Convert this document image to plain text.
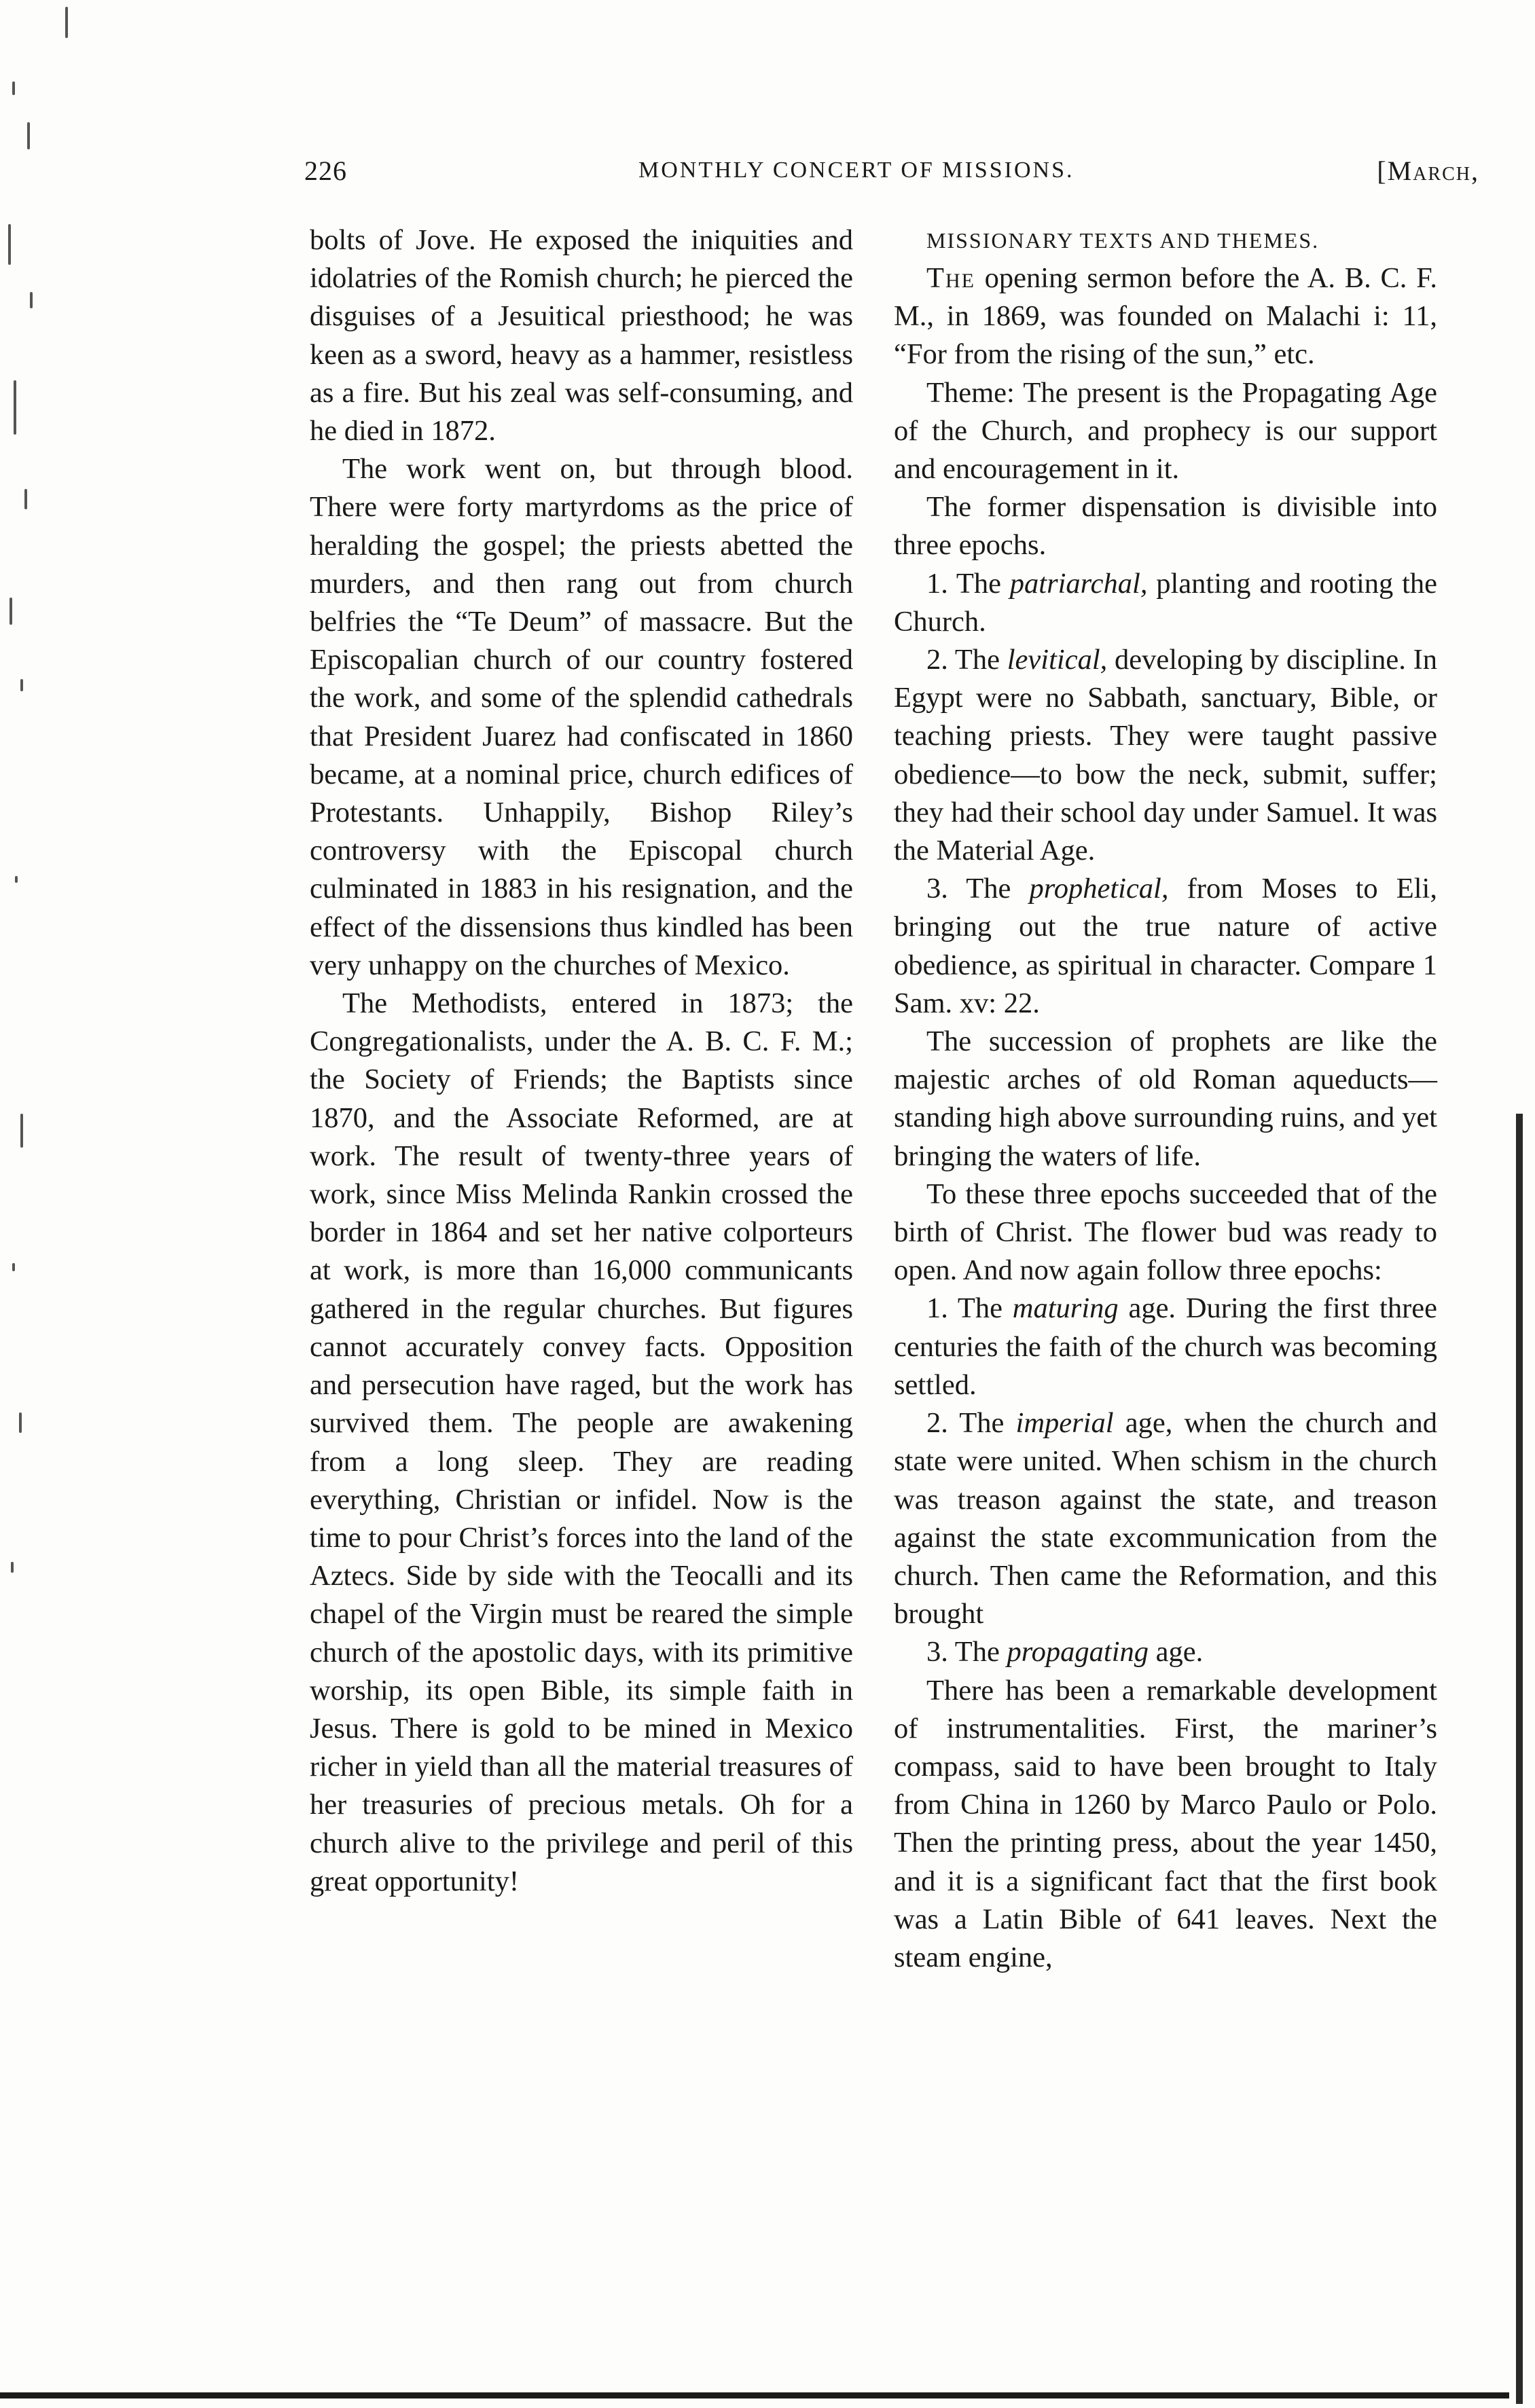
226	MONTHLY CONCERT OF MISSIONS.	[March,

bolts of Jove. He exposed the iniquities and idolatries of the Romish church; he pierced the disguises of a Jesuitical priesthood; he was keen as a sword, heavy as a hammer, resistless as a fire. But his zeal was self-consuming, and he died in 1872.

The work went on, but through blood. There were forty martyrdoms as the price of heralding the gospel; the priests abetted the murders, and then rang out from church belfries the “Te Deum” of massacre. But the Episcopalian church of our country fostered the work, and some of the splendid cathedrals that President Juarez had confiscated in 1860 became, at a nominal price, church edifices of Protestants. Unhappily, Bishop Riley’s controversy with the Episcopal church culminated in 1883 in his resignation, and the effect of the dissensions thus kindled has been very unhappy on the churches of Mexico.

The Methodists, entered in 1873; the Congregationalists, under the A. B. C. F. M.; the Society of Friends; the Baptists since 1870, and the Associate Reformed, are at work. The result of twenty-three years of work, since Miss Melinda Rankin crossed the border in 1864 and set her native colporteurs at work, is more than 16,000 communicants gathered in the regular churches. But figures cannot accurately convey facts. Opposition and persecution have raged, but the work has survived them. The people are awakening from a long sleep. They are reading everything, Christian or infidel. Now is the time to pour Christ’s forces into the land of the Aztecs. Side by side with the Teocalli and its chapel of the Virgin must be reared the simple church of the apostolic days, with its primitive worship, its open Bible, its simple faith in Jesus. There is gold to be mined in Mexico richer in yield than all the material treasures of her treasuries of precious metals. Oh for a church alive to the privilege and peril of this great opportunity!

MISSIONARY TEXTS AND THEMES.

The opening sermon before the A. B. C. F. M., in 1869, was founded on Malachi i: 11, “For from the rising of the sun,” etc.

Theme: The present is the Propagating Age of the Church, and prophecy is our support and encouragement in it.

The former dispensation is divisible into three epochs.

1. The patriarchal, planting and rooting the Church.

2. The levitical, developing by discipline. In Egypt were no Sabbath, sanctuary, Bible, or teaching priests. They were taught passive obedience—to bow the neck, submit, suffer; they had their school day under Samuel. It was the Material Age.

3. The prophetical, from Moses to Eli, bringing out the true nature of active obedience, as spiritual in character. Compare 1 Sam. xv: 22.

The succession of prophets are like the majestic arches of old Roman aqueducts—standing high above surrounding ruins, and yet bringing the waters of life.

To these three epochs succeeded that of the birth of Christ. The flower bud was ready to open. And now again follow three epochs:

1. The maturing age. During the first three centuries the faith of the church was becoming settled.

2. The imperial age, when the church and state were united. When schism in the church was treason against the state, and treason against the state excommunication from the church. Then came the Reformation, and this brought

3. The propagating age.

There has been a remarkable development of instrumentalities. First, the mariner’s compass, said to have been brought to Italy from China in 1260 by Marco Paulo or Polo. Then the printing press, about the year 1450, and it is a significant fact that the first book was a Latin Bible of 641 leaves. Next the steam engine,
